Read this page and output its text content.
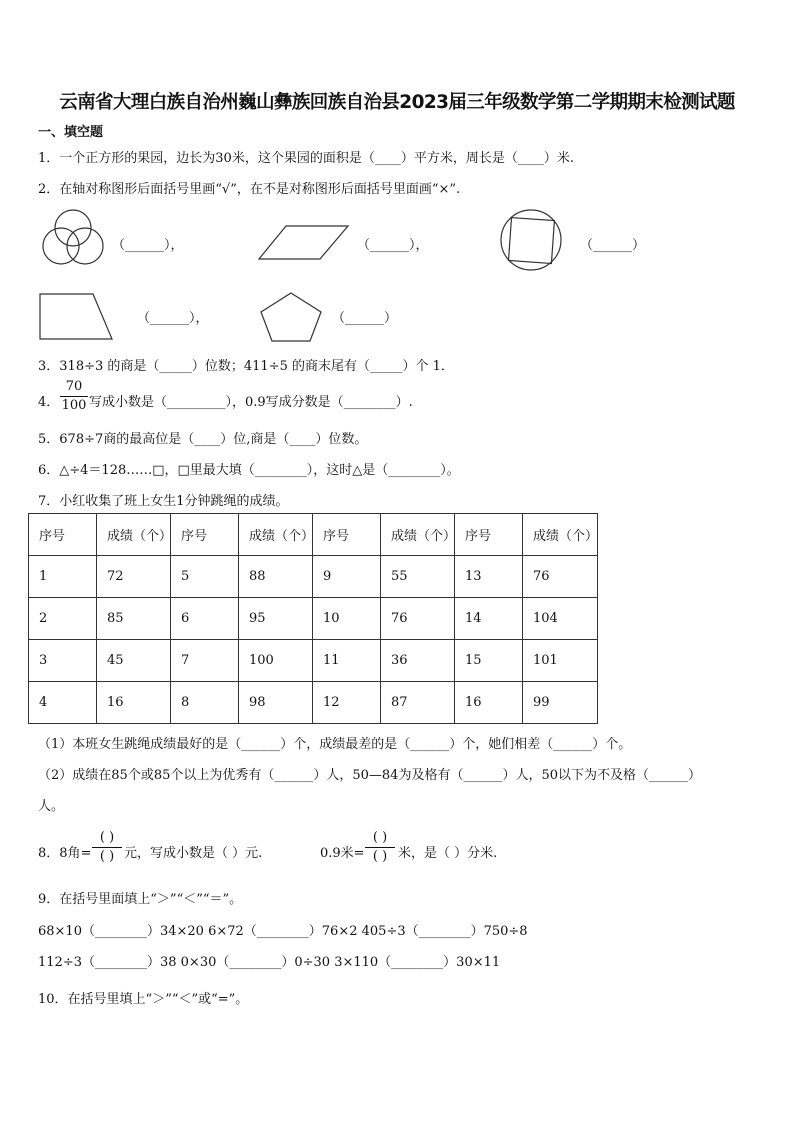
云南省大理白族自治州巍山彝族回族自治县2023届三年级数学第二学期期末检测试题
一、填空题
1．一个正方形的果园，边长为30米，这个果园的面积是（____）平方米，周长是（____）米.
2．在轴对称图形后面括号里画“√”，在不是对称图形后面括号里面画“×”.
（______），	（______），	（______）
（______），	（______）
3．318÷3 的商是（_____）位数；411÷5 的商末尾有（_____）个 1．
4．
70
100 写成小数是（_________），0.9写成分数是（________）.
5．678÷7商的最高位是（____）位,商是（____）位数。
6．△÷4＝128……□，□里最大填（________），这时△是（________）。
7．小红收集了班上女生1分钟跳绳的成绩。
序号	成绩（个）	序号	成绩（个）	序号	成绩（个）	序号	成绩（个）
1	72	5	88	9	55	13	76
2	85	6	95	10	76	14	104
3	45	7	100	11	36	15	101
4	16	8	98	12	87	16	99
（1）本班女生跳绳成绩最好的是（______）个，成绩最差的是（______）个，她们相差（______）个。
（2）成绩在85个或85个以上为优秀有（______）人，50—84为及格有（______）人，50以下为不及格（______）
人。
8．8角=
( )
( ) 元，写成小数是（ ）元.	0.9米=
( )
( ) 米，是（ ）分米.
9．在括号里面填上“＞”“＜”“＝”。
68×10（________）34×20 6×72（________）76×2 405÷3（________）750÷8
112÷3（________）38 0×30（________）0÷30 3×110（________）30×11
10．在括号里填上“＞”“＜”或“=”。
